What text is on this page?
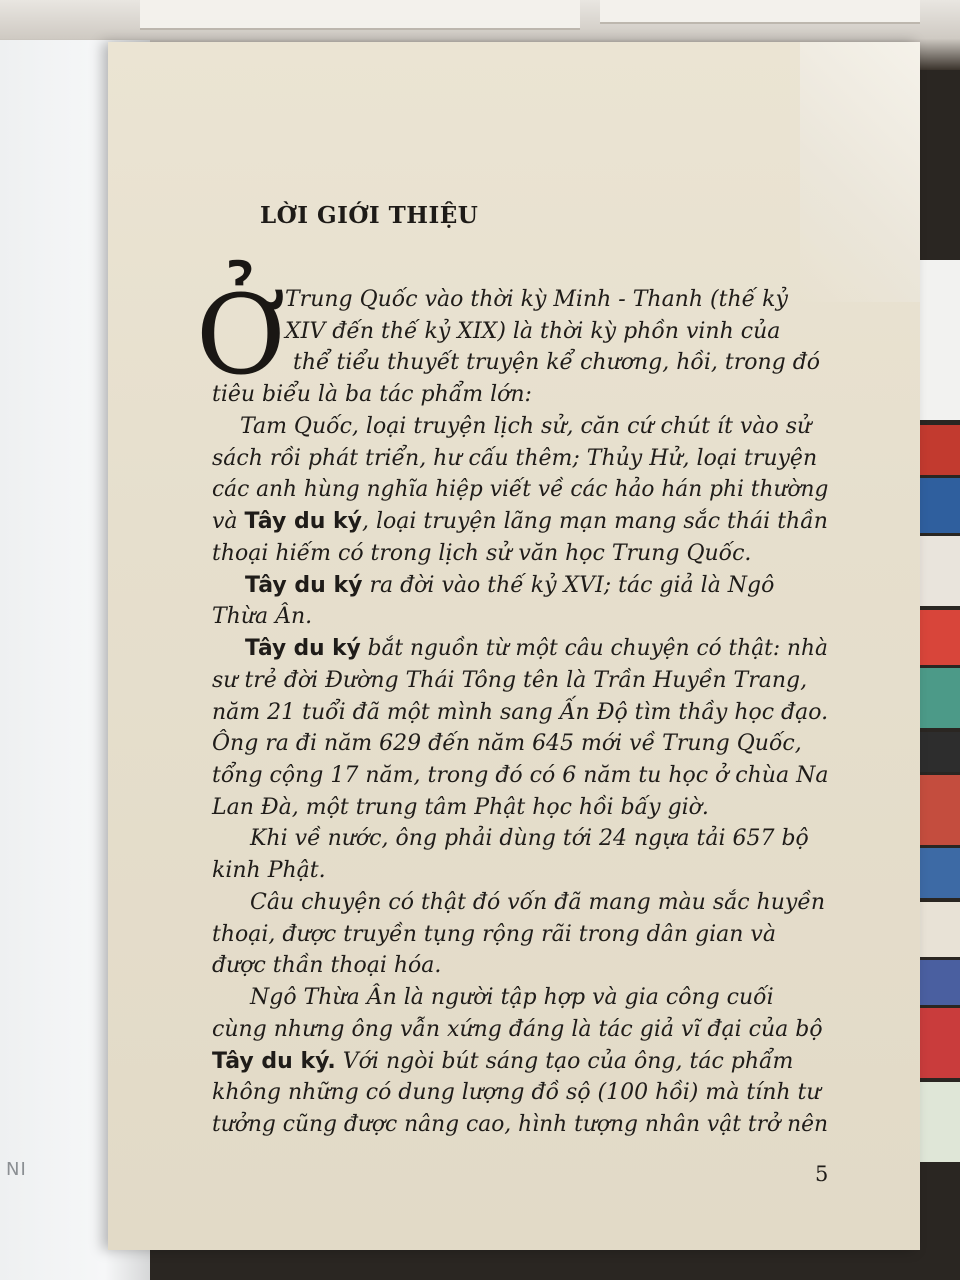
NI
LỜI GIỚI THIỆU
Ở
Trung Quốc vào thời kỳ Minh - Thanh (thế kỷ
XIV đến thế kỷ XIX) là thời kỳ phồn vinh của
thể tiểu thuyết truyện kể chương, hồi, trong đó
tiêu biểu là ba tác phẩm lớn:
Tam Quốc, loại truyện lịch sử, căn cứ chút ít vào sử
sách rồi phát triển, hư cấu thêm; Thủy Hử, loại truyện
các anh hùng nghĩa hiệp viết về các hảo hán phi thường
và Tây du ký, loại truyện lãng mạn mang sắc thái thần
thoại hiếm có trong lịch sử văn học Trung Quốc.
Tây du ký ra đời vào thế kỷ XVI; tác giả là Ngô
Thừa Ân.
Tây du ký bắt nguồn từ một câu chuyện có thật: nhà
sư trẻ đời Đường Thái Tông tên là Trần Huyền Trang,
năm 21 tuổi đã một mình sang Ấn Độ tìm thầy học đạo.
Ông ra đi năm 629 đến năm 645 mới về Trung Quốc,
tổng cộng 17 năm, trong đó có 6 năm tu học ở chùa Na
Lan Đà, một trung tâm Phật học hồi bấy giờ.
Khi về nước, ông phải dùng tới 24 ngựa tải 657 bộ
kinh Phật.
Câu chuyện có thật đó vốn đã mang màu sắc huyền
thoại, được truyền tụng rộng rãi trong dân gian và
được thần thoại hóa.
Ngô Thừa Ân là người tập hợp và gia công cuối
cùng nhưng ông vẫn xứng đáng là tác giả vĩ đại của bộ
Tây du ký. Với ngòi bút sáng tạo của ông, tác phẩm
không những có dung lượng đồ sộ (100 hồi) mà tính tư
tưởng cũng được nâng cao, hình tượng nhân vật trở nên
5
